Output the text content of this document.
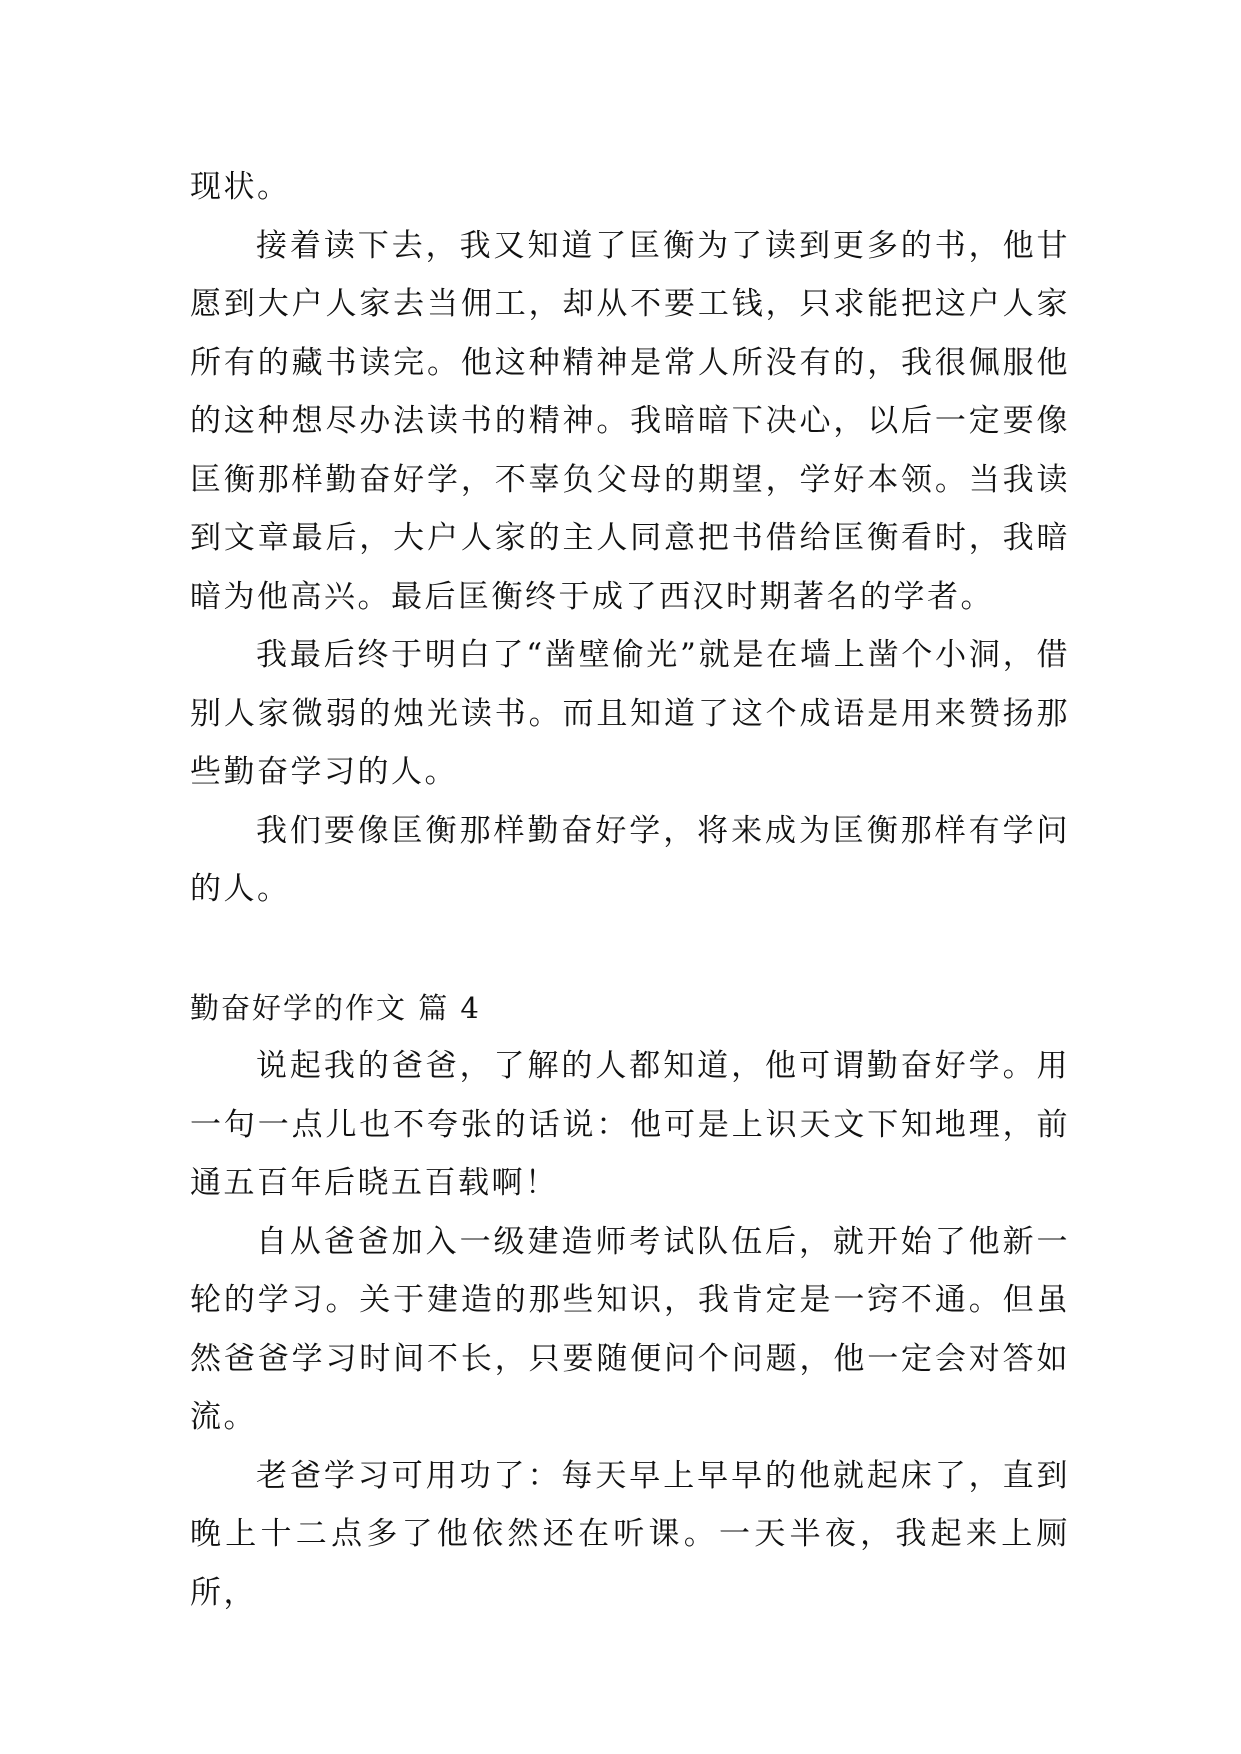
现状。

接着读下去，我又知道了匡衡为了读到更多的书，他甘愿到大户人家去当佣工，却从不要工钱，只求能把这户人家所有的藏书读完。他这种精神是常人所没有的，我很佩服他的这种想尽办法读书的精神。我暗暗下决心，以后一定要像匡衡那样勤奋好学，不辜负父母的期望，学好本领。当我读到文章最后，大户人家的主人同意把书借给匡衡看时，我暗暗为他高兴。最后匡衡终于成了西汉时期著名的学者。

我最后终于明白了“凿壁偷光”就是在墙上凿个小洞，借别人家微弱的烛光读书。而且知道了这个成语是用来赞扬那些勤奋学习的人。

我们要像匡衡那样勤奋好学，将来成为匡衡那样有学问的人。

勤奋好学的作文 篇 4

说起我的爸爸，了解的人都知道，他可谓勤奋好学。用一句一点儿也不夸张的话说：他可是上识天文下知地理，前通五百年后晓五百载啊！

自从爸爸加入一级建造师考试队伍后，就开始了他新一轮的学习。关于建造的那些知识，我肯定是一窍不通。但虽然爸爸学习时间不长，只要随便问个问题，他一定会对答如流。

老爸学习可用功了：每天早上早早的他就起床了，直到晚上十二点多了他依然还在听课。一天半夜，我起来上厕所，
